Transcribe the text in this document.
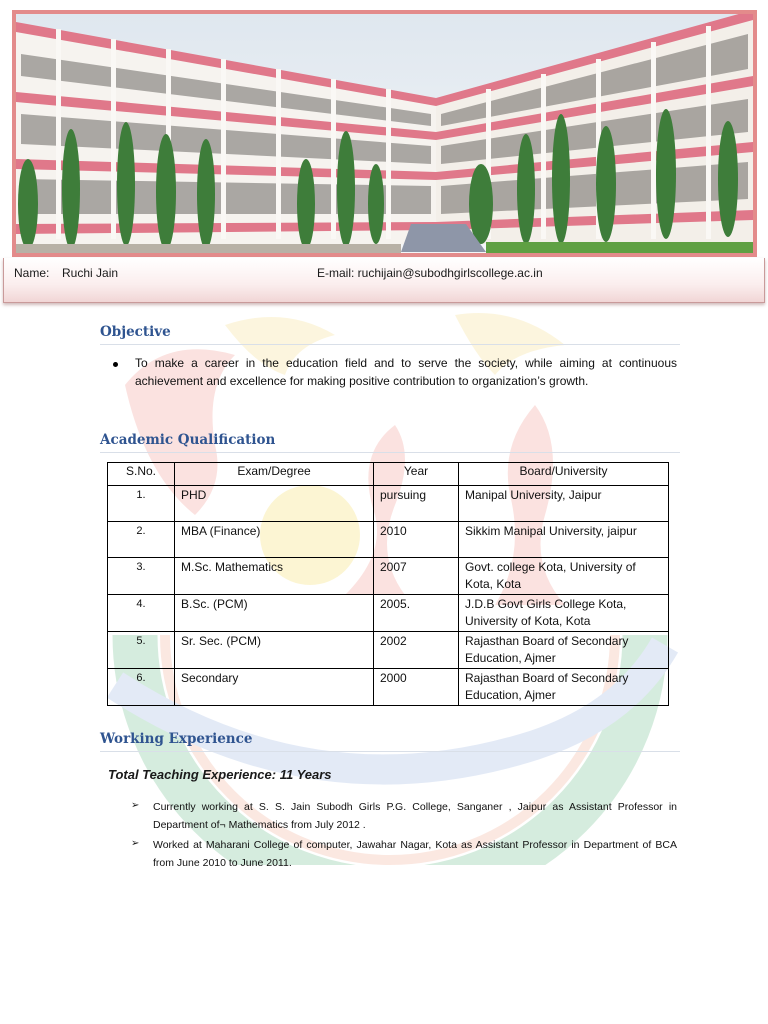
Name: Ruchi Jain	E-mail: ruchijain@subodhgirlscollege.ac.in
Objective
To make a career in the education field and to serve the society, while aiming at continuous achievement and excellence for making positive contribution to organization’s growth.
Academic Qualification
S.No.	Exam/Degree	Year	Board/University
1.	PHD	pursuing	Manipal University, Jaipur
2.	MBA (Finance)	2010	Sikkim Manipal University, jaipur
3.	M.Sc. Mathematics	2007	Govt. college Kota, University of Kota, Kota
4.	B.Sc. (PCM)	2005.	J.D.B Govt Girls College Kota, University of Kota, Kota
5.	Sr. Sec. (PCM)	2002	Rajasthan Board of Secondary Education, Ajmer
6.	Secondary	2000	Rajasthan Board of Secondary Education, Ajmer
Working Experience
Total Teaching Experience: 11 Years
➢ Currently working at S. S. Jain Subodh Girls P.G. College, Sanganer , Jaipur as Assistant Professor in Department of¬ Mathematics from July 2012 .
➢ Worked at Maharani College of computer, Jawahar Nagar, Kota as Assistant Professor in Department of BCA from June 2010 to June 2011.
